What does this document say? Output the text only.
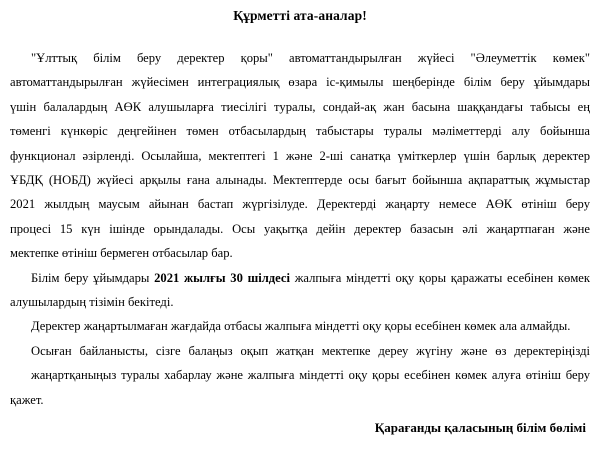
Құрметті ата-аналар!
"Ұлттық білім беру деректер қоры" автоматтандырылған жүйесі "Әлеуметтік көмек"
автоматтандырылған жүйесімен интеграциялық өзара іс-қимылы шеңберінде білім беру ұйымдары
үшін балалардың АӨК алушыларға тиесілігі туралы, сондай-ақ жан басына шаққандағы табысы ең
төменгі күнкөріс деңгейінен төмен отбасылардың табыстары туралы мәліметтерді алу бойынша
функционал әзірленді. Осылайша, мектептегі 1 және 2-ші санатқа үміткерлер үшін барлық деректер
ҰБДҚ (НОБД) жүйесі арқылы ғана алынады. Мектептерде осы бағыт бойынша ақпараттық жұмыстар
2021 жылдың маусым айынан бастап жүргізілуде. Деректерді жаңарту немесе АӨК өтініш беру
процесі 15 күн ішінде орындалады. Осы уақытқа дейін деректер базасын әлі жаңартпаған және
мектепке өтініш бермеген отбасылар бар.
Білім беру ұйымдары 2021 жылғы 30 шілдесі жалпыға міндетті оқу қоры қаражаты есебінен көмек
алушылардың тізімін бекітеді.
Деректер жаңартылмаған жағдайда отбасы жалпыға міндетті оқу қоры есебінен көмек ала алмайды.
Осыған байланысты, сізге балаңыз оқып жатқан мектепке дереу жүгіну және өз деректеріңізді
жаңартқаныңыз туралы хабарлау және жалпыға міндетті оқу қоры есебінен көмек алуға өтініш беру
қажет.
Қарағанды қаласының білім бөлімі
